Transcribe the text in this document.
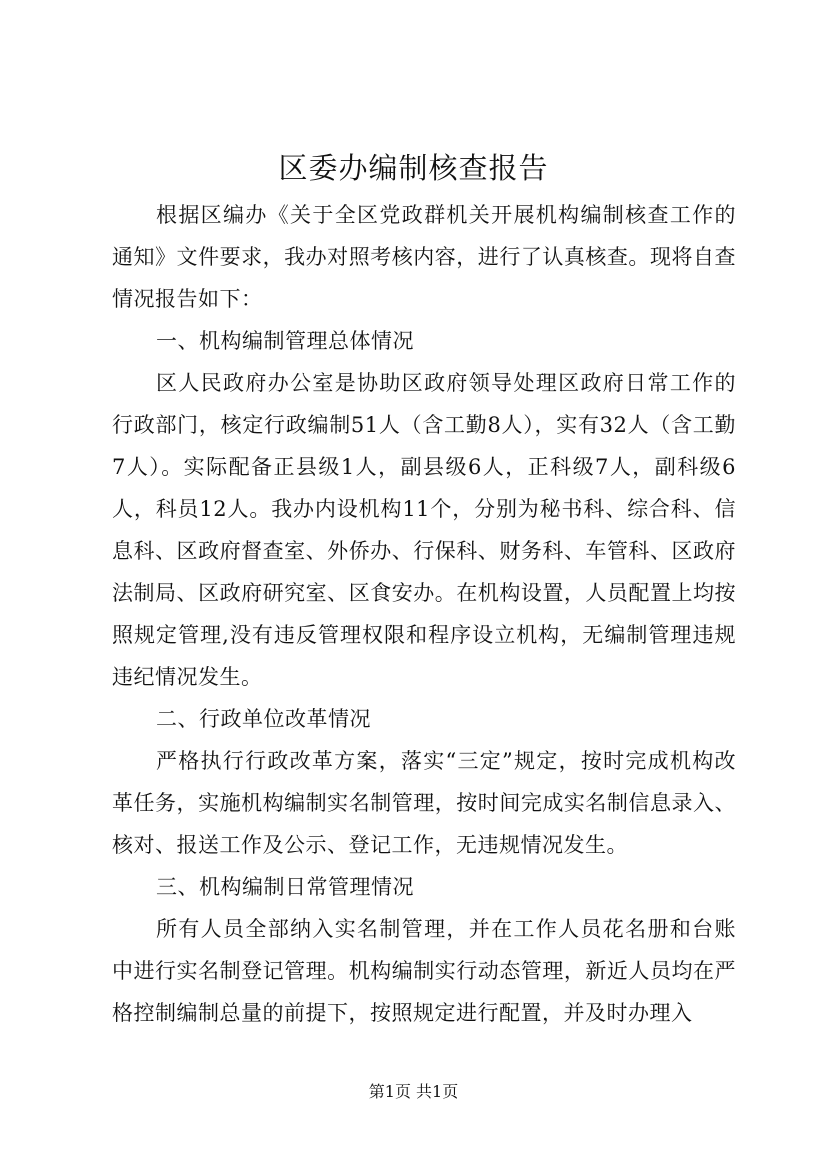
区委办编制核查报告

根据区编办《关于全区党政群机关开展机构编制核查工作的通知》文件要求，我办对照考核内容，进行了认真核查。现将自查情况报告如下：

一、机构编制管理总体情况

区人民政府办公室是协助区政府领导处理区政府日常工作的行政部门，核定行政编制51人（含工勤8人），实有32人（含工勤7人）。实际配备正县级1人，副县级6人，正科级7人，副科级6人，科员12人。我办内设机构11个，分别为秘书科、综合科、信息科、区政府督查室、外侨办、行保科、财务科、车管科、区政府法制局、区政府研究室、区食安办。在机构设置，人员配置上均按照规定管理,没有违反管理权限和程序设立机构，无编制管理违规违纪情况发生。

二、行政单位改革情况

严格执行行政改革方案，落实“三定”规定，按时完成机构改革任务，实施机构编制实名制管理，按时间完成实名制信息录入、核对、报送工作及公示、登记工作，无违规情况发生。

三、机构编制日常管理情况

所有人员全部纳入实名制管理，并在工作人员花名册和台账中进行实名制登记管理。机构编制实行动态管理，新近人员均在严格控制编制总量的前提下，按照规定进行配置，并及时办理入

第1页 共1页
